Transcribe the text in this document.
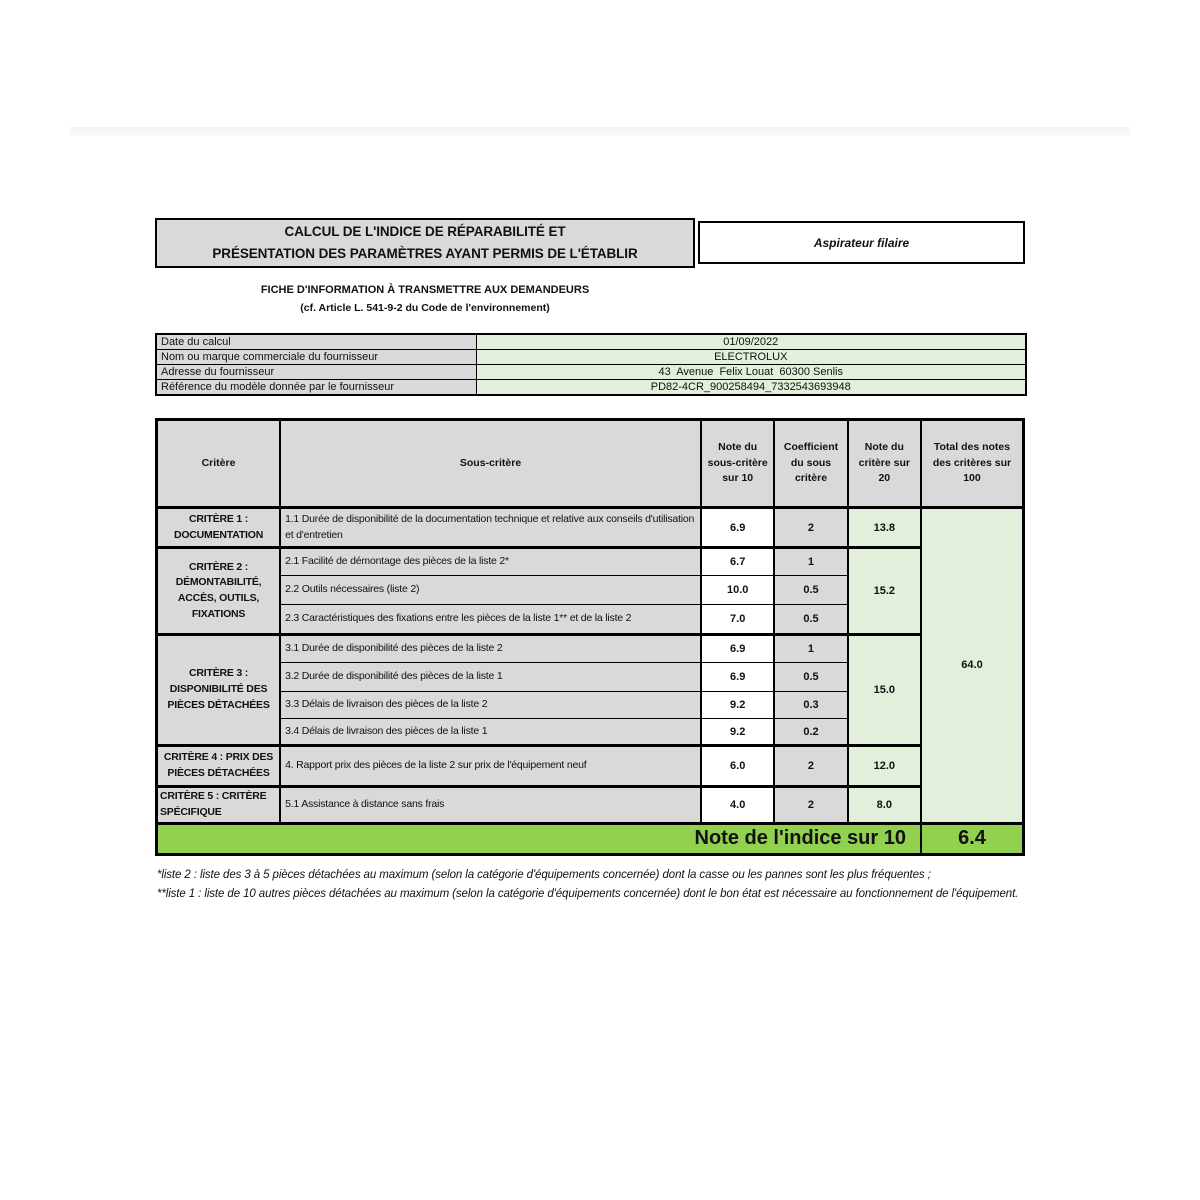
CALCUL DE L'INDICE DE RÉPARABILITÉ ET
PRÉSENTATION DES PARAMÈTRES AYANT PERMIS DE L'ÉTABLIR
Aspirateur filaire
FICHE D'INFORMATION À TRANSMETTRE AUX DEMANDEURS
(cf. Article L. 541-9-2 du Code de l'environnement)
Date du calcul	01/09/2022
Nom ou marque commerciale du fournisseur	ELECTROLUX
Adresse du fournisseur	43  Avenue  Felix Louat  60300 Senlis
Référence du modèle donnée par le fournisseur	PD82-4CR_900258494_7332543693948
Critère	Sous-critère	Note du sous-critère sur 10	Coefficient du sous critère	Note du critère sur 20	Total des notes des critères sur 100
CRITÈRE 1 : DOCUMENTATION	1.1 Durée de disponibilité de la documentation technique et relative aux conseils d'utilisation et d'entretien	6.9	2	13.8	64.0
CRITÈRE 2 : DÉMONTABILITÉ, ACCÈS, OUTILS, FIXATIONS	2.1 Facilité de démontage des pièces de la liste 2*	6.7	1	15.2	
	2.2 Outils nécessaires (liste 2)	10.0	0.5		
	2.3 Caractéristiques des fixations entre les pièces de la liste 1** et de la liste 2	7.0	0.5		
CRITÈRE 3 : DISPONIBILITÉ DES PIÈCES DÉTACHÉES	3.1 Durée de disponibilité des pièces de la liste 2	6.9	1	15.0	
	3.2 Durée de disponibilité des pièces de la liste 1	6.9	0.5		
	3.3 Délais de livraison des pièces de la liste 2	9.2	0.3		
	3.4 Délais de livraison des pièces de la liste 1	9.2	0.2		
CRITÈRE 4 : PRIX DES PIÈCES DÉTACHÉES	4. Rapport prix des pièces de la liste 2 sur prix de l'équipement neuf	6.0	2	12.0	
CRITÈRE 5 : CRITÈRE SPÉCIFIQUE	5.1 Assistance à distance sans frais	4.0	2	8.0	
Note de l'indice sur 10					6.4
*liste 2 : liste des 3 à 5 pièces détachées au maximum (selon la catégorie d'équipements concernée) dont la casse ou les pannes sont les plus fréquentes ;
**liste 1 : liste de 10 autres pièces détachées au maximum (selon la catégorie d'équipements concernée) dont le bon état est nécessaire au fonctionnement de l'équipement.
